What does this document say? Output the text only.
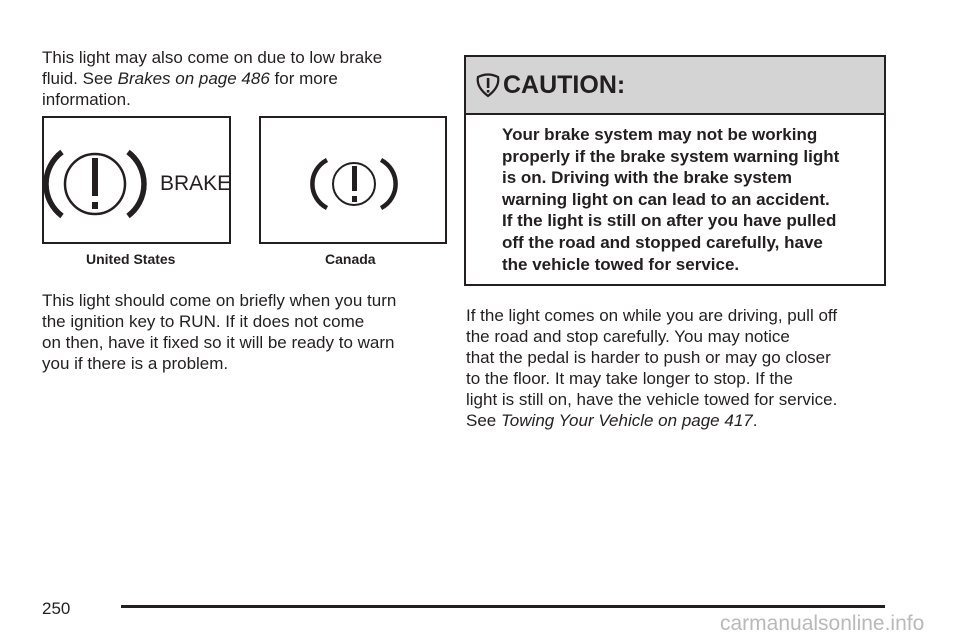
This light may also come on due to low brake
fluid. See Brakes on page 486 for more
information.
BRAKE
United States	Canada
This light should come on briefly when you turn
the ignition key to RUN. If it does not come
on then, have it fixed so it will be ready to warn
you if there is a problem.
CAUTION:
Your brake system may not be working
properly if the brake system warning light
is on. Driving with the brake system
warning light on can lead to an accident.
If the light is still on after you have pulled
off the road and stopped carefully, have
the vehicle towed for service.
If the light comes on while you are driving, pull off
the road and stop carefully. You may notice
that the pedal is harder to push or may go closer
to the floor. It may take longer to stop. If the
light is still on, have the vehicle towed for service.
See Towing Your Vehicle on page 417.
250
carmanualsonline.info
